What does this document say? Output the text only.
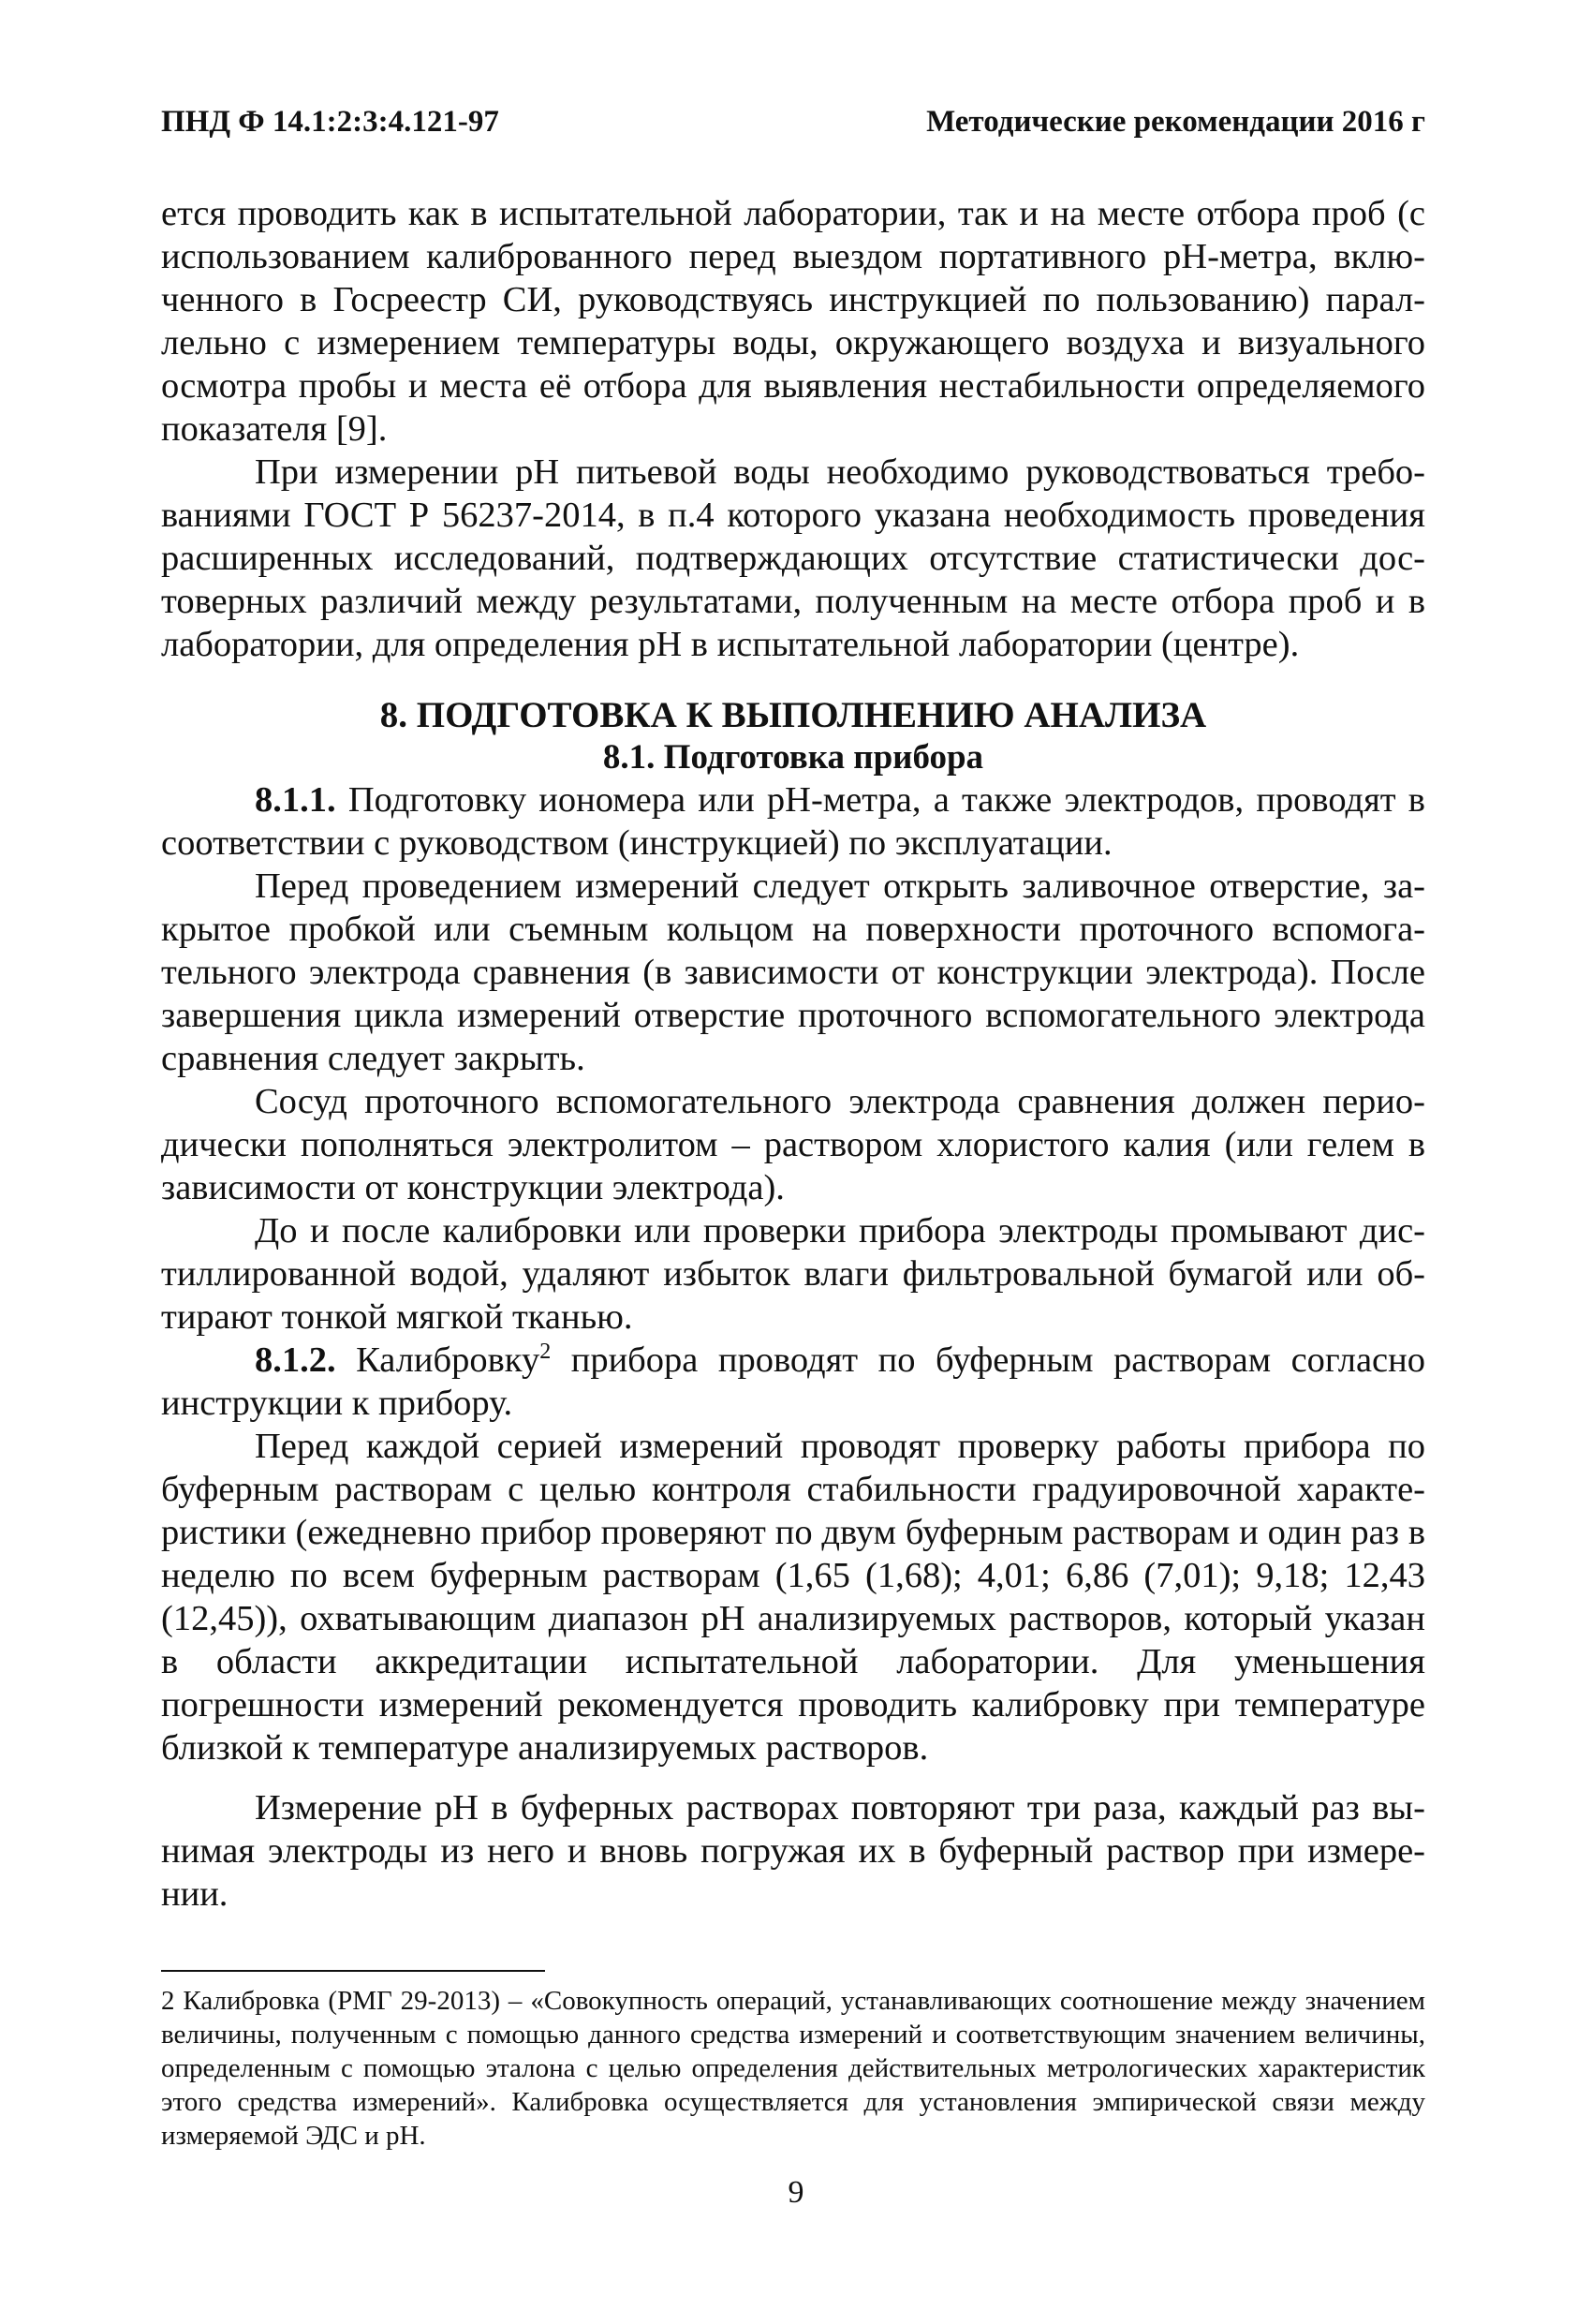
ПНД Ф 14.1:2:3:4.121-97	Методические рекомендации 2016 г

ется проводить как в испытательной лаборатории, так и на месте отбора проб (с использованием калиброванного перед выездом портативного рН-метра, включенного в Госреестр СИ, руководствуясь инструкцией по пользованию) параллельно с измерением температуры воды, окружающего воздуха и визуального осмотра пробы и места её отбора для выявления нестабильности определяемого показателя [9].

При измерении рН питьевой воды необходимо руководствоваться требованиями ГОСТ Р 56237-2014, в п.4 которого указана необходимость проведения расширенных исследований, подтверждающих отсутствие статистически достоверных различий между результатами, полученным на месте отбора проб и в лаборатории, для определения рН в испытательной лаборатории (центре).

8. ПОДГОТОВКА К ВЫПОЛНЕНИЮ АНАЛИЗА
8.1. Подготовка прибора

8.1.1. Подготовку иономера или рН-метра, а также электродов, проводят в соответствии с руководством (инструкцией) по эксплуатации.

Перед проведением измерений следует открыть заливочное отверстие, закрытое пробкой или съемным кольцом на поверхности проточного вспомогательного электрода сравнения (в зависимости от конструкции электрода). После завершения цикла измерений отверстие проточного вспомогательного электрода сравнения следует закрыть.

Сосуд проточного вспомогательного электрода сравнения должен периодически пополняться электролитом – раствором хлористого калия (или гелем в зависимости от конструкции электрода).

До и после калибровки или проверки прибора электроды промывают дистиллированной водой, удаляют избыток влаги фильтровальной бумагой или обтирают тонкой мягкой тканью.

8.1.2. Калибровку$^2$ прибора проводят по буферным растворам согласно инструкции к прибору.

Перед каждой серией измерений проводят проверку работы прибора по буферным растворам с целью контроля стабильности градуировочной характеристики (ежедневно прибор проверяют по двум буферным растворам и один раз в неделю по всем буферным растворам (1,65 (1,68); 4,01; 6,86 (7,01); 9,18; 12,43 (12,45)), охватывающим диапазон рН анализируемых растворов, который указан в области аккредитации испытательной лаборатории. Для уменьшения погрешности измерений рекомендуется проводить калибровку при температуре близкой к температуре анализируемых растворов.

Измерение рН в буферных растворах повторяют три раза, каждый раз вынимая электроды из него и вновь погружая их в буферный раствор при измерении.

2 Калибровка (РМГ 29-2013) – «Совокупность операций, устанавливающих соотношение между значением величины, полученным с помощью данного средства измерений и соответствующим значением величины, определенным с помощью эталона с целью определения действительных метрологических характеристик этого средства измерений». Калибровка осуществляется для установления эмпирической связи между измеряемой ЭДС и рН.
9
